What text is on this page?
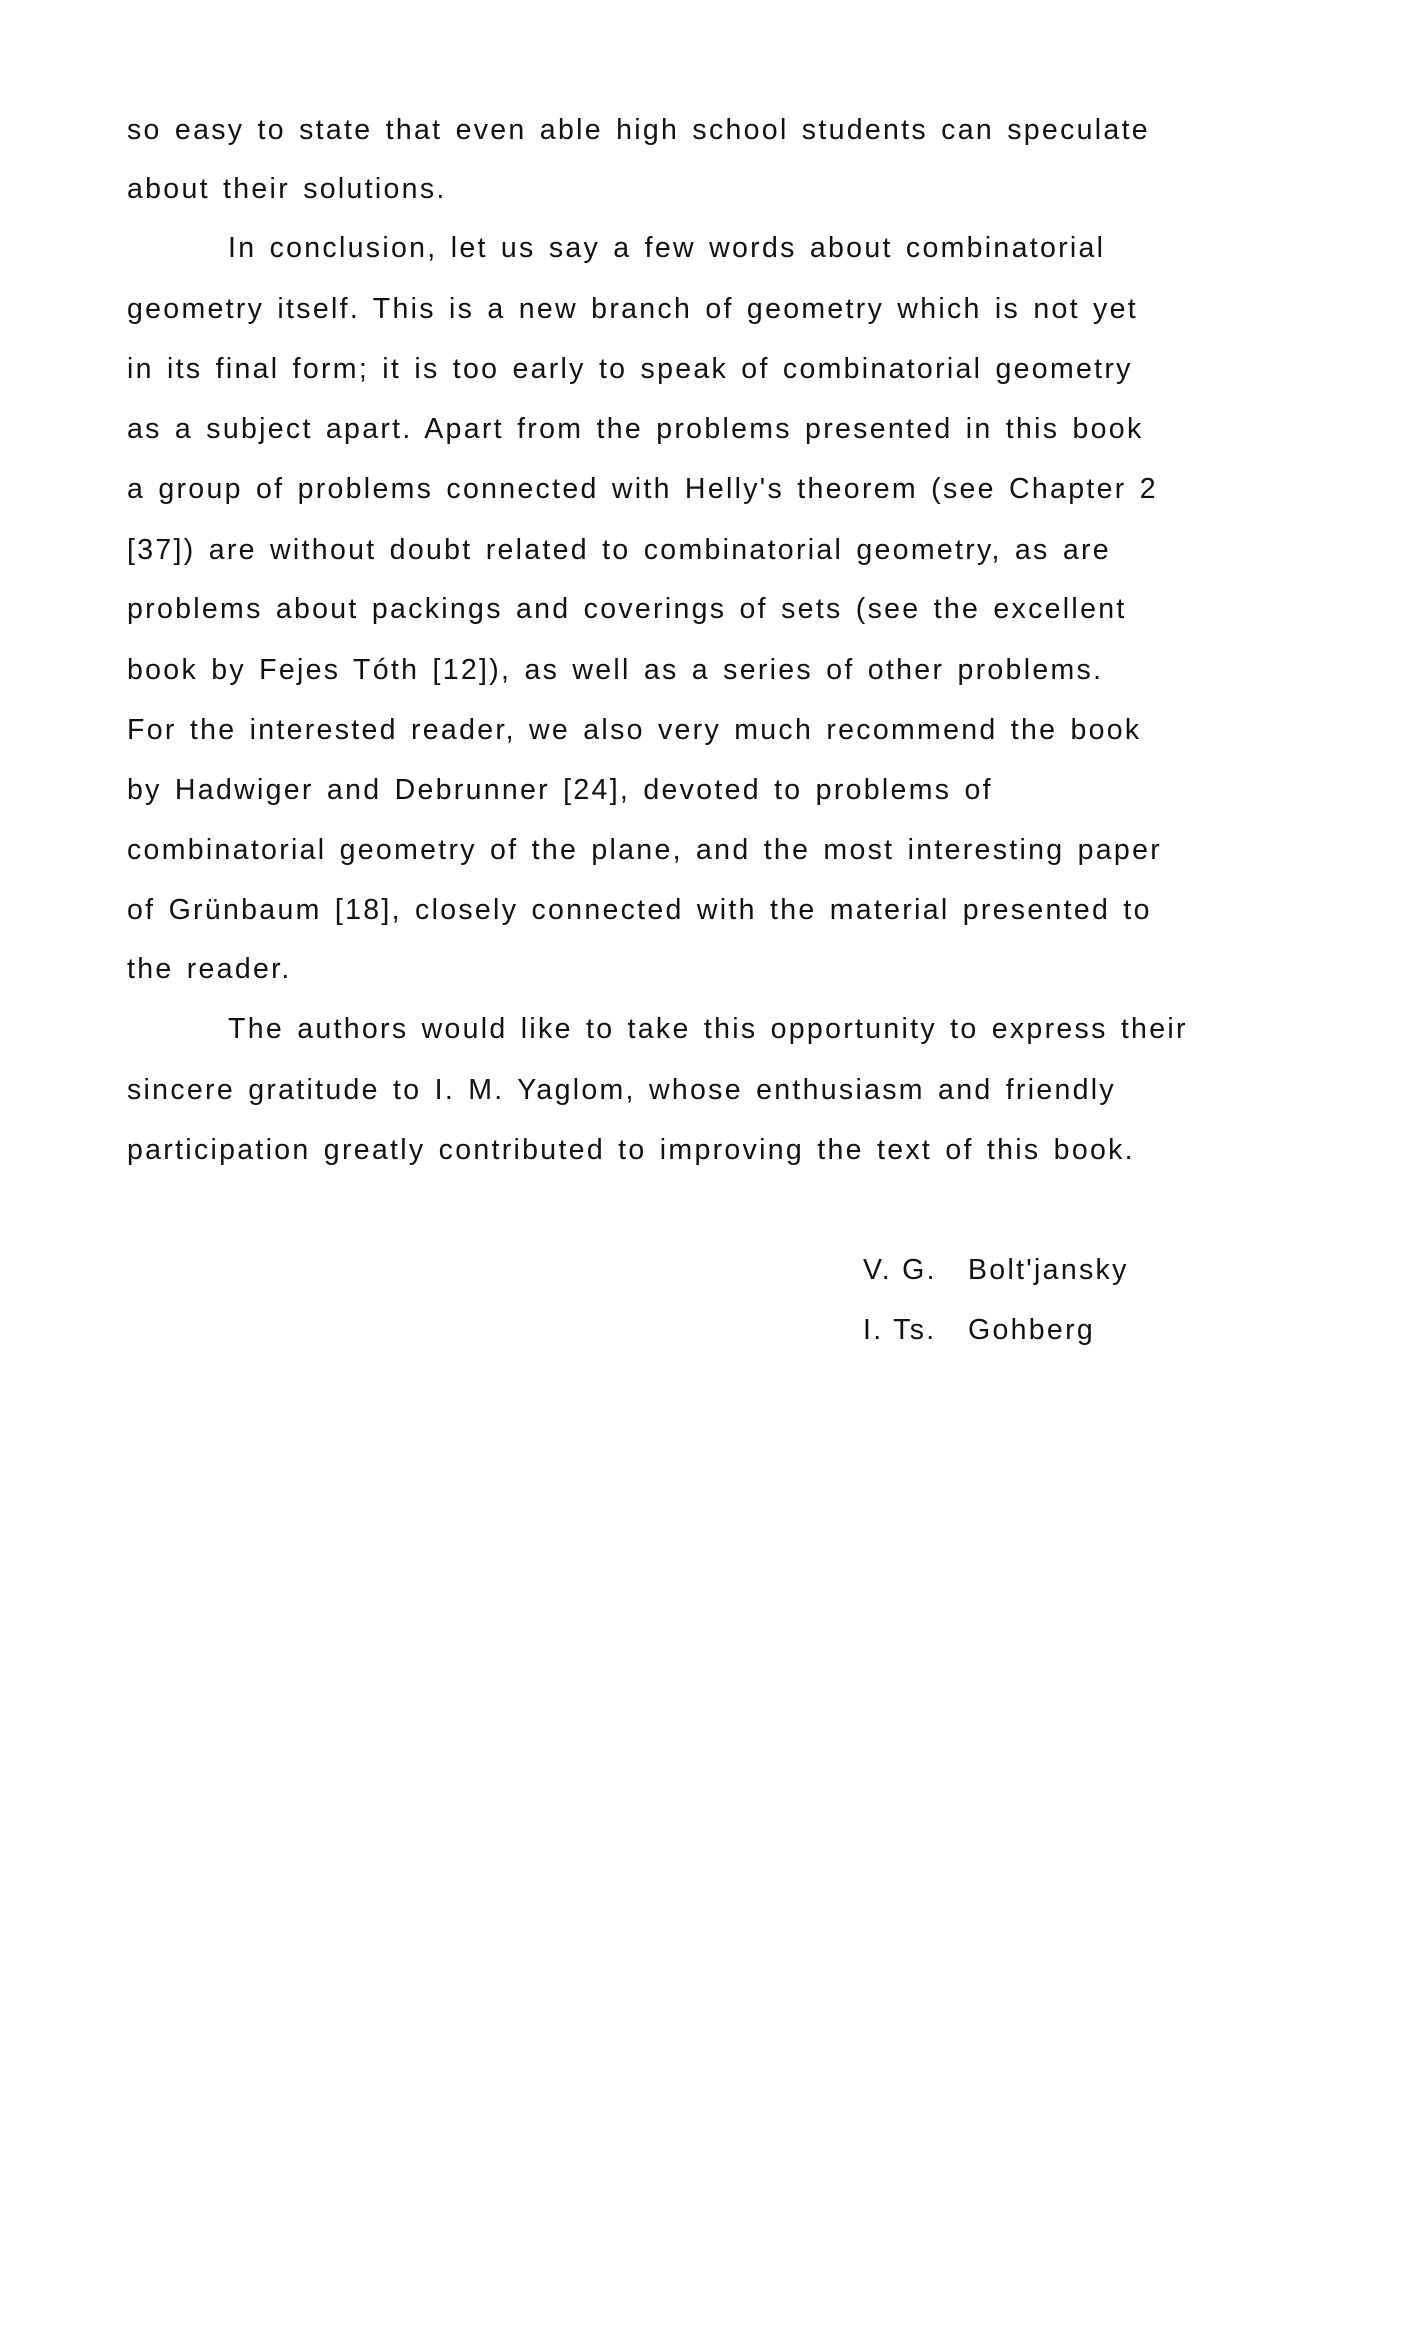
so easy to state that even able high school students can speculate
about their solutions.
In conclusion, let us say a few words about combinatorial
geometry itself. This is a new branch of geometry which is not yet
in its final form; it is too early to speak of combinatorial geometry
as a subject apart. Apart from the problems presented in this book
a group of problems connected with Helly's theorem (see Chapter 2
[37]) are without doubt related to combinatorial geometry, as are
problems about packings and coverings of sets (see the excellent
book by Fejes Tóth [12]), as well as a series of other problems.
For the interested reader, we also very much recommend the book
by Hadwiger and Debrunner [24], devoted to problems of
combinatorial geometry of the plane, and the most interesting paper
of Grünbaum [18], closely connected with the material presented to
the reader.
The authors would like to take this opportunity to express their
sincere gratitude to I. M. Yaglom, whose enthusiasm and friendly
participation greatly contributed to improving the text of this book.
V. G. Bolt'jansky
I. Ts. Gohberg
